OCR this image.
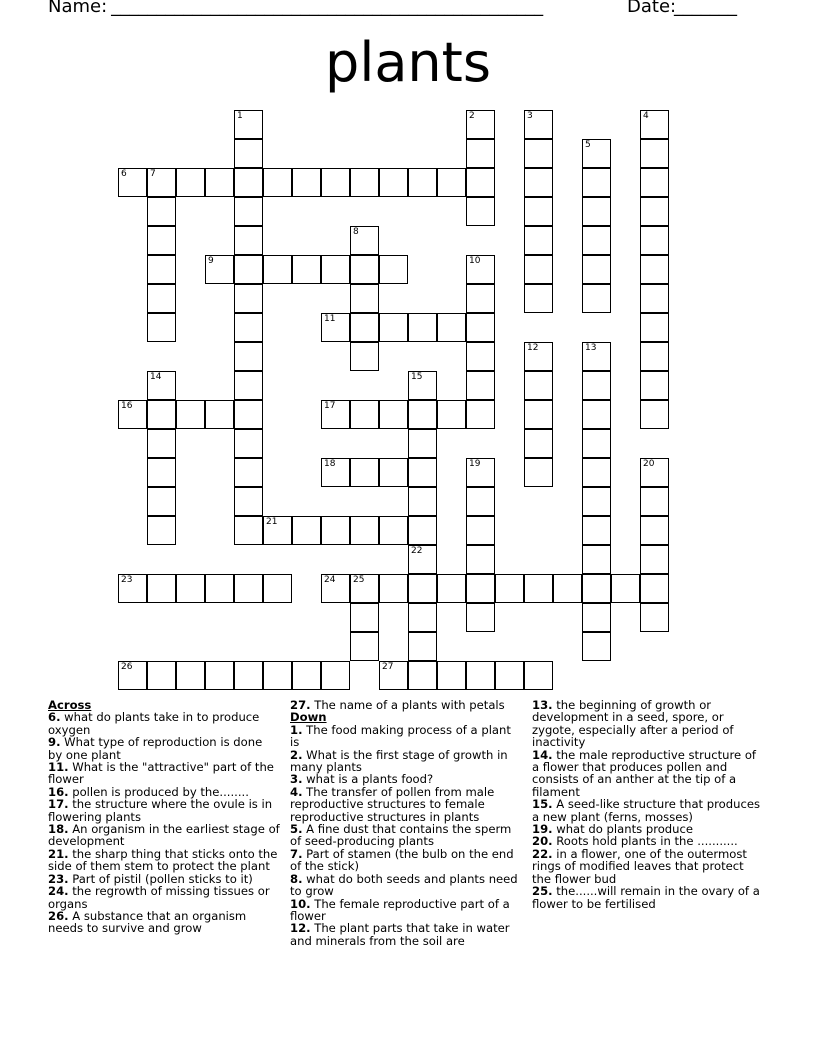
Name: ________________________________________________	Date:
_______
plants
1	2	3	4
5
6	7
8
9	10
11
12	13
14	15
16	17
18	19	20
21
22
23	24 25
26	27

Across

6. what do plants take in to produce oxygen

9. What type of reproduction is done by one plant

11. What is the "attractive" part of the flower

16. pollen is produced by the........

17. the structure where the ovule is in flowering plants

18. An organism in the earliest stage of development

21. the sharp thing that sticks onto the side of them stem to protect the plant

23. Part of pistil (pollen sticks to it)

24. the regrowth of missing tissues or organs

26. A substance that an organism needs to survive and grow

27. The name of a plants with petals

Down

1. The food making process of a plant is

2. What is the first stage of growth in many plants

3. what is a plants food?

4. The transfer of pollen from male reproductive structures to female reproductive structures in plants

5. A fine dust that contains the sperm of seed-producing plants

7. Part of stamen (the bulb on the end of the stick)

8. what do both seeds and plants need to grow

10. The female reproductive part of a flower

12. The plant parts that take in water and minerals from the soil are

13. the beginning of growth or development in a seed, spore, or zygote, especially after a period of inactivity

14. the male reproductive structure of a flower that produces pollen and consists of an anther at the tip of a filament

15. A seed-like structure that produces a new plant (ferns, mosses)

19. what do plants produce

20. Roots hold plants in the ...........

22. in a flower, one of the outermost rings of modified leaves that protect the flower bud

25. the......will remain in the ovary of a flower to be fertilised
